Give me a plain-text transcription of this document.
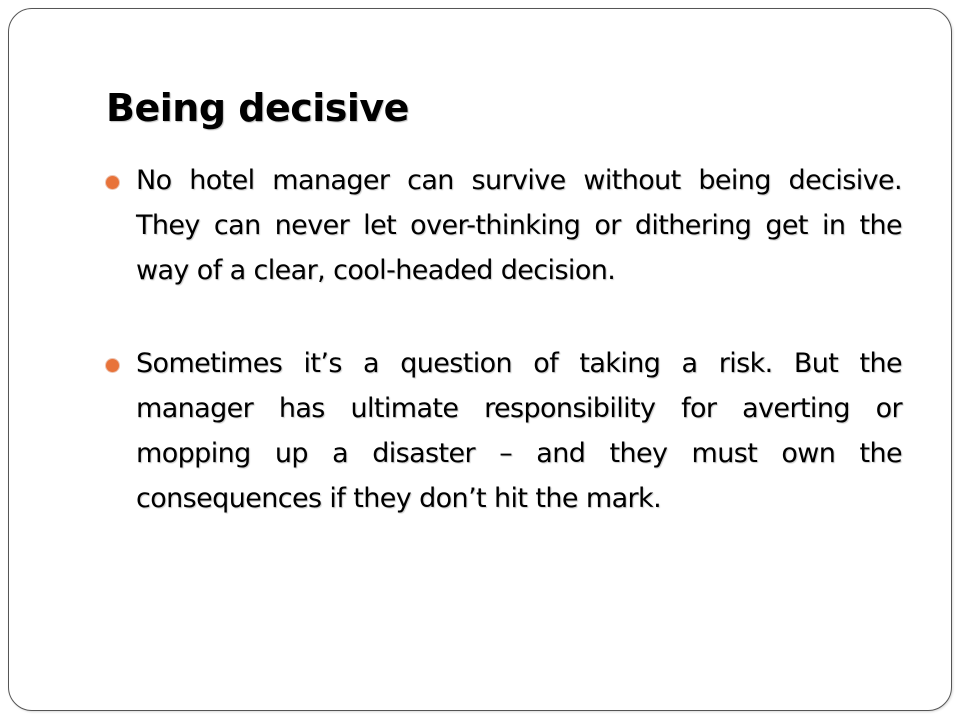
Being decisive
No hotel manager can survive without being decisive. They can never let over-thinking or dithering get in the way of a clear, cool-headed decision.
Sometimes it’s a question of taking a risk. But the manager has ultimate responsibility for averting or mopping up a disaster – and they must own the consequences if they don’t hit the mark.
